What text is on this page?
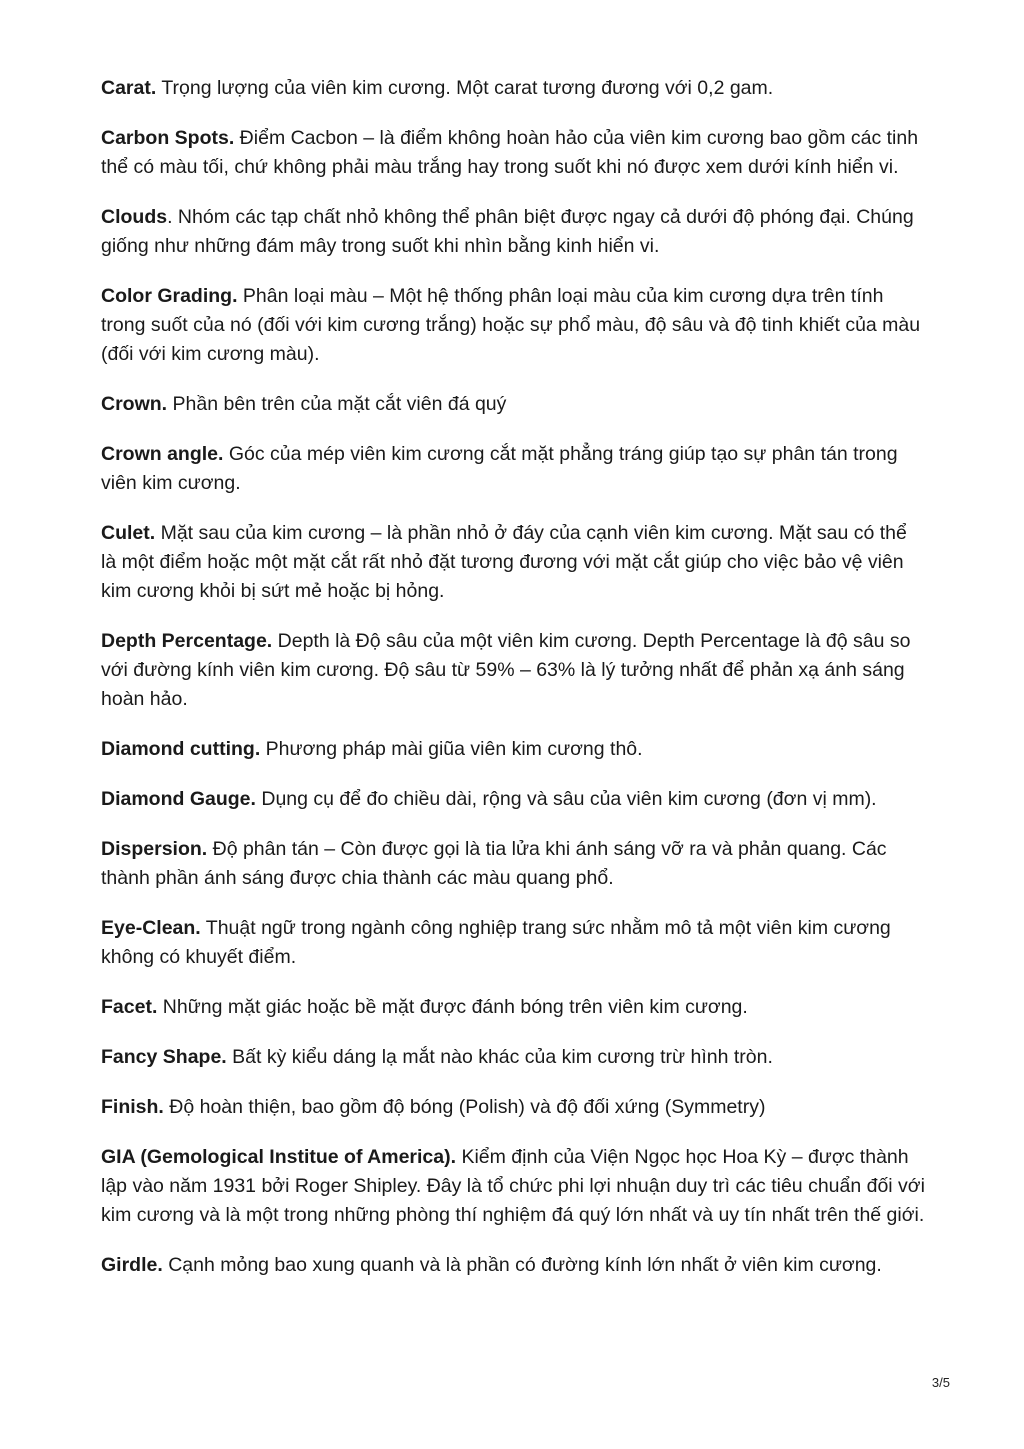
Carat. Trọng lượng của viên kim cương. Một carat tương đương với 0,2 gam.

Carbon Spots. Điểm Cacbon – là điểm không hoàn hảo của viên kim cương bao gồm các tinh thể có màu tối, chứ không phải màu trắng hay trong suốt khi nó được xem dưới kính hiển vi.

Clouds. Nhóm các tạp chất nhỏ không thể phân biệt được ngay cả dưới độ phóng đại. Chúng giống như những đám mây trong suốt khi nhìn bằng kinh hiển vi.

Color Grading. Phân loại màu – Một hệ thống phân loại màu của kim cương dựa trên tính trong suốt của nó (đối với kim cương trắng) hoặc sự phổ màu, độ sâu và độ tinh khiết của màu (đối với kim cương màu).

Crown. Phần bên trên của mặt cắt viên đá quý

Crown angle. Góc của mép viên kim cương cắt mặt phẳng tráng giúp tạo sự phân tán trong viên kim cương.

Culet. Mặt sau của kim cương – là phần nhỏ ở đáy của cạnh viên kim cương. Mặt sau có thể là một điểm hoặc một mặt cắt rất nhỏ đặt tương đương với mặt cắt giúp cho việc bảo vệ viên kim cương khỏi bị sứt mẻ hoặc bị hỏng.

Depth Percentage. Depth là Độ sâu của một viên kim cương. Depth Percentage là độ sâu so với đường kính viên kim cương. Độ sâu từ 59% – 63% là lý tưởng nhất để phản xạ ánh sáng hoàn hảo.

Diamond cutting. Phương pháp mài giũa viên kim cương thô.

Diamond Gauge. Dụng cụ để đo chiều dài, rộng và sâu của viên kim cương (đơn vị mm).

Dispersion. Độ phân tán – Còn được gọi là tia lửa khi ánh sáng vỡ ra và phản quang. Các thành phần ánh sáng được chia thành các màu quang phổ.

Eye-Clean. Thuật ngữ trong ngành công nghiệp trang sức nhằm mô tả một viên kim cương không có khuyết điểm.

Facet. Những mặt giác hoặc bề mặt được đánh bóng trên viên kim cương.

Fancy Shape. Bất kỳ kiểu dáng lạ mắt nào khác của kim cương trừ hình tròn.

Finish. Độ hoàn thiện, bao gồm độ bóng (Polish) và độ đối xứng (Symmetry)

GIA (Gemological Institue of America). Kiểm định của Viện Ngọc học Hoa Kỳ – được thành lập vào năm 1931 bởi Roger Shipley. Đây là tổ chức phi lợi nhuận duy trì các tiêu chuẩn đối với kim cương và là một trong những phòng thí nghiệm đá quý lớn nhất và uy tín nhất trên thế giới.

Girdle. Cạnh mỏng bao xung quanh và là phần có đường kính lớn nhất ở viên kim cương.

3/5
